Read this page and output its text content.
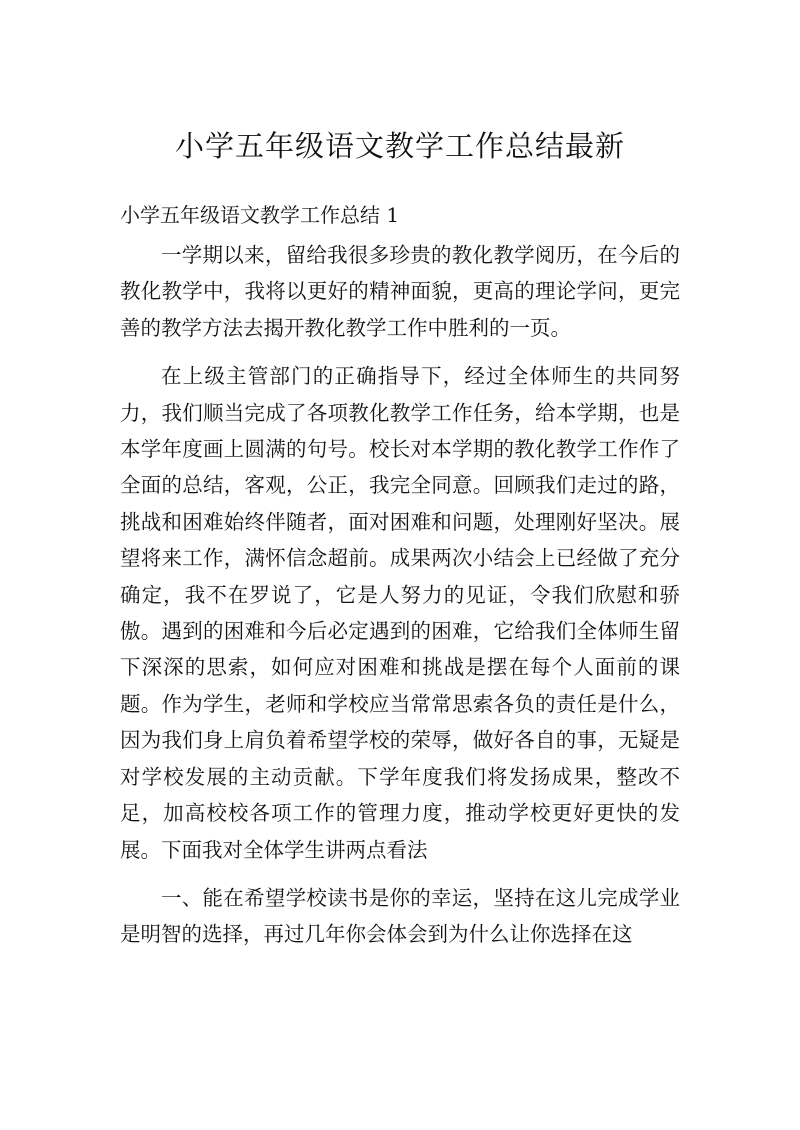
小学五年级语文教学工作总结最新

小学五年级语文教学工作总结 1

一学期以来，留给我很多珍贵的教化教学阅历，在今后的教化教学中，我将以更好的精神面貌，更高的理论学问，更完善的教学方法去揭开教化教学工作中胜利的一页。

在上级主管部门的正确指导下，经过全体师生的共同努力，我们顺当完成了各项教化教学工作任务，给本学期，也是本学年度画上圆满的句号。校长对本学期的教化教学工作作了全面的总结，客观，公正，我完全同意。回顾我们走过的路，挑战和困难始终伴随者，面对困难和问题，处理刚好坚决。展望将来工作，满怀信念超前。成果两次小结会上已经做了充分确定，我不在罗说了，它是人努力的见证，令我们欣慰和骄傲。遇到的困难和今后必定遇到的困难，它给我们全体师生留下深深的思索，如何应对困难和挑战是摆在每个人面前的课题。作为学生，老师和学校应当常常思索各负的责任是什么，因为我们身上肩负着希望学校的荣辱，做好各自的事，无疑是对学校发展的主动贡献。下学年度我们将发扬成果，整改不足，加高校校各项工作的管理力度，推动学校更好更快的发展。下面我对全体学生讲两点看法

一、能在希望学校读书是你的幸运，坚持在这儿完成学业是明智的选择，再过几年你会体会到为什么让你选择在这
